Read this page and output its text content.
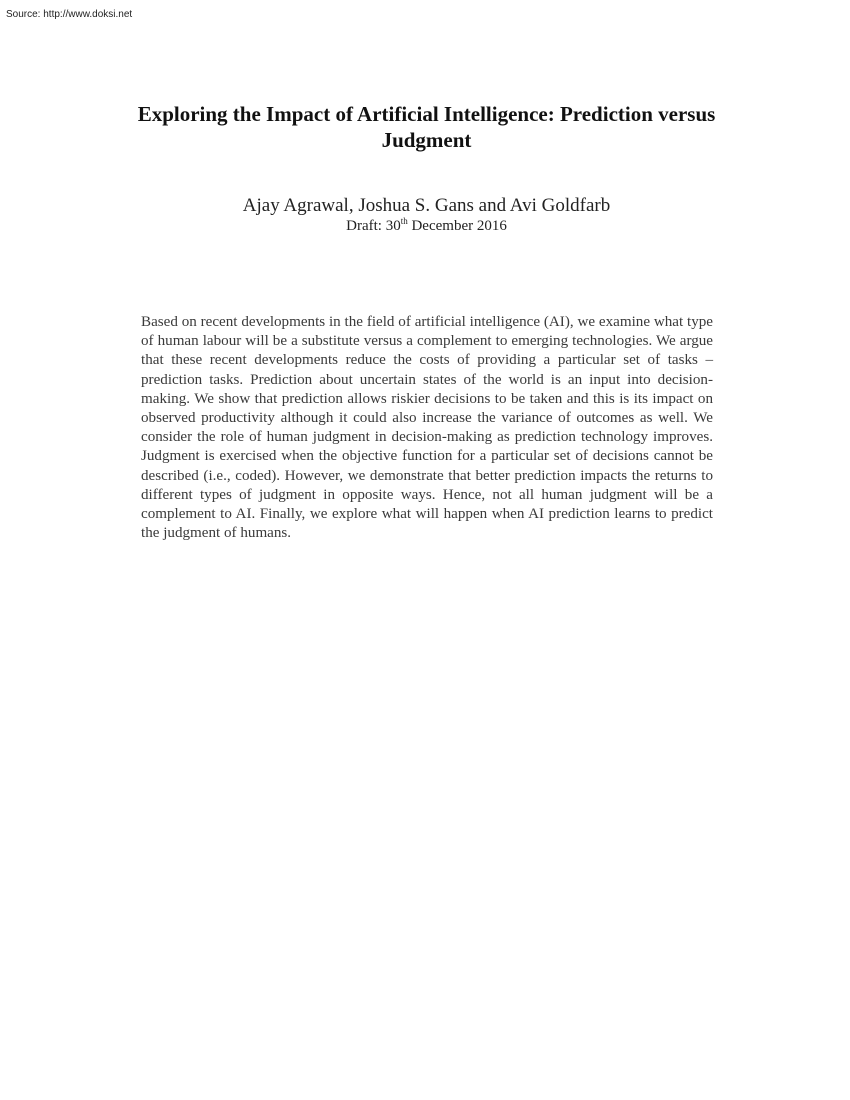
Source: http://www.doksi.net
Exploring the Impact of Artificial Intelligence: Prediction versus Judgment
Ajay Agrawal, Joshua S. Gans and Avi Goldfarb
Draft: 30th December 2016

Based on recent developments in the field of artificial intelligence (AI), we examine what type of human labour will be a substitute versus a complement to emerging technologies. We argue that these recent developments reduce the costs of providing a particular set of tasks – prediction tasks. Prediction about uncertain states of the world is an input into decision-making. We show that prediction allows riskier decisions to be taken and this is its impact on observed productivity although it could also increase the variance of outcomes as well. We consider the role of human judgment in decision-making as prediction technology improves. Judgment is exercised when the objective function for a particular set of decisions cannot be described (i.e., coded). However, we demonstrate that better prediction impacts the returns to different types of judgment in opposite ways. Hence, not all human judgment will be a complement to AI. Finally, we explore what will happen when AI prediction learns to predict the judgment of humans.
